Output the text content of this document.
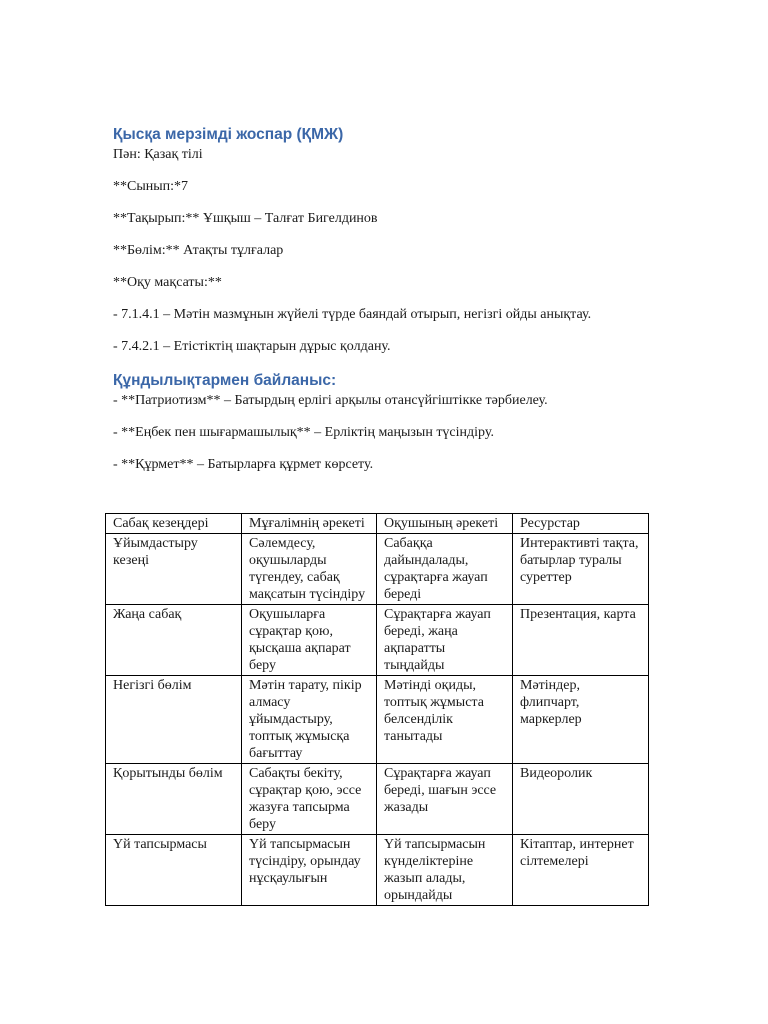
Қысқа мерзімді жоспар (ҚМЖ)

Пән: Қазақ тілі

**Сынып:*7

**Тақырып:** Ұшқыш – Талғат Бигелдинов

**Бөлім:** Атақты тұлғалар

**Оқу мақсаты:**

- 7.1.4.1 – Мәтін мазмұнын жүйелі түрде баяндай отырып, негізгі ойды анықтау.

- 7.4.2.1 – Етістіктің шақтарын дұрыс қолдану.

Құндылықтармен байланыс:

- **Патриотизм** – Батырдың ерлігі арқылы отансүйгіштікке тәрбиелеу.

- **Еңбек пен шығармашылық** – Ерліктің маңызын түсіндіру.

- **Құрмет** – Батырларға құрмет көрсету.

Сабақ кезеңдері	Мұғалімнің әрекеті	Оқушының әрекеті	Ресурстар
Ұйымдастыру кезеңі	Сәлемдесу, оқушыларды түгендеу, сабақ мақсатын түсіндіру	Сабаққа дайындалады, сұрақтарға жауап береді	Интерактивті тақта, батырлар туралы суреттер
Жаңа сабақ	Оқушыларға сұрақтар қою, қысқаша ақпарат беру	Сұрақтарға жауап береді, жаңа ақпаратты тыңдайды	Презентация, карта
Негізгі бөлім	Мәтін тарату, пікір алмасу ұйымдастыру, топтық жұмысқа бағыттау	Мәтінді оқиды, топтық жұмыста белсенділік танытады	Мәтіндер, флипчарт, маркерлер
Қорытынды бөлім	Сабақты бекіту, сұрақтар қою, эссе жазуға тапсырма беру	Сұрақтарға жауап береді, шағын эссе жазады	Видеоролик
Үй тапсырмасы	Үй тапсырмасын түсіндіру, орындау нұсқаулығын	Үй тапсырмасын күнделіктеріне жазып алады, орындайды	Кітаптар, интернет сілтемелері
